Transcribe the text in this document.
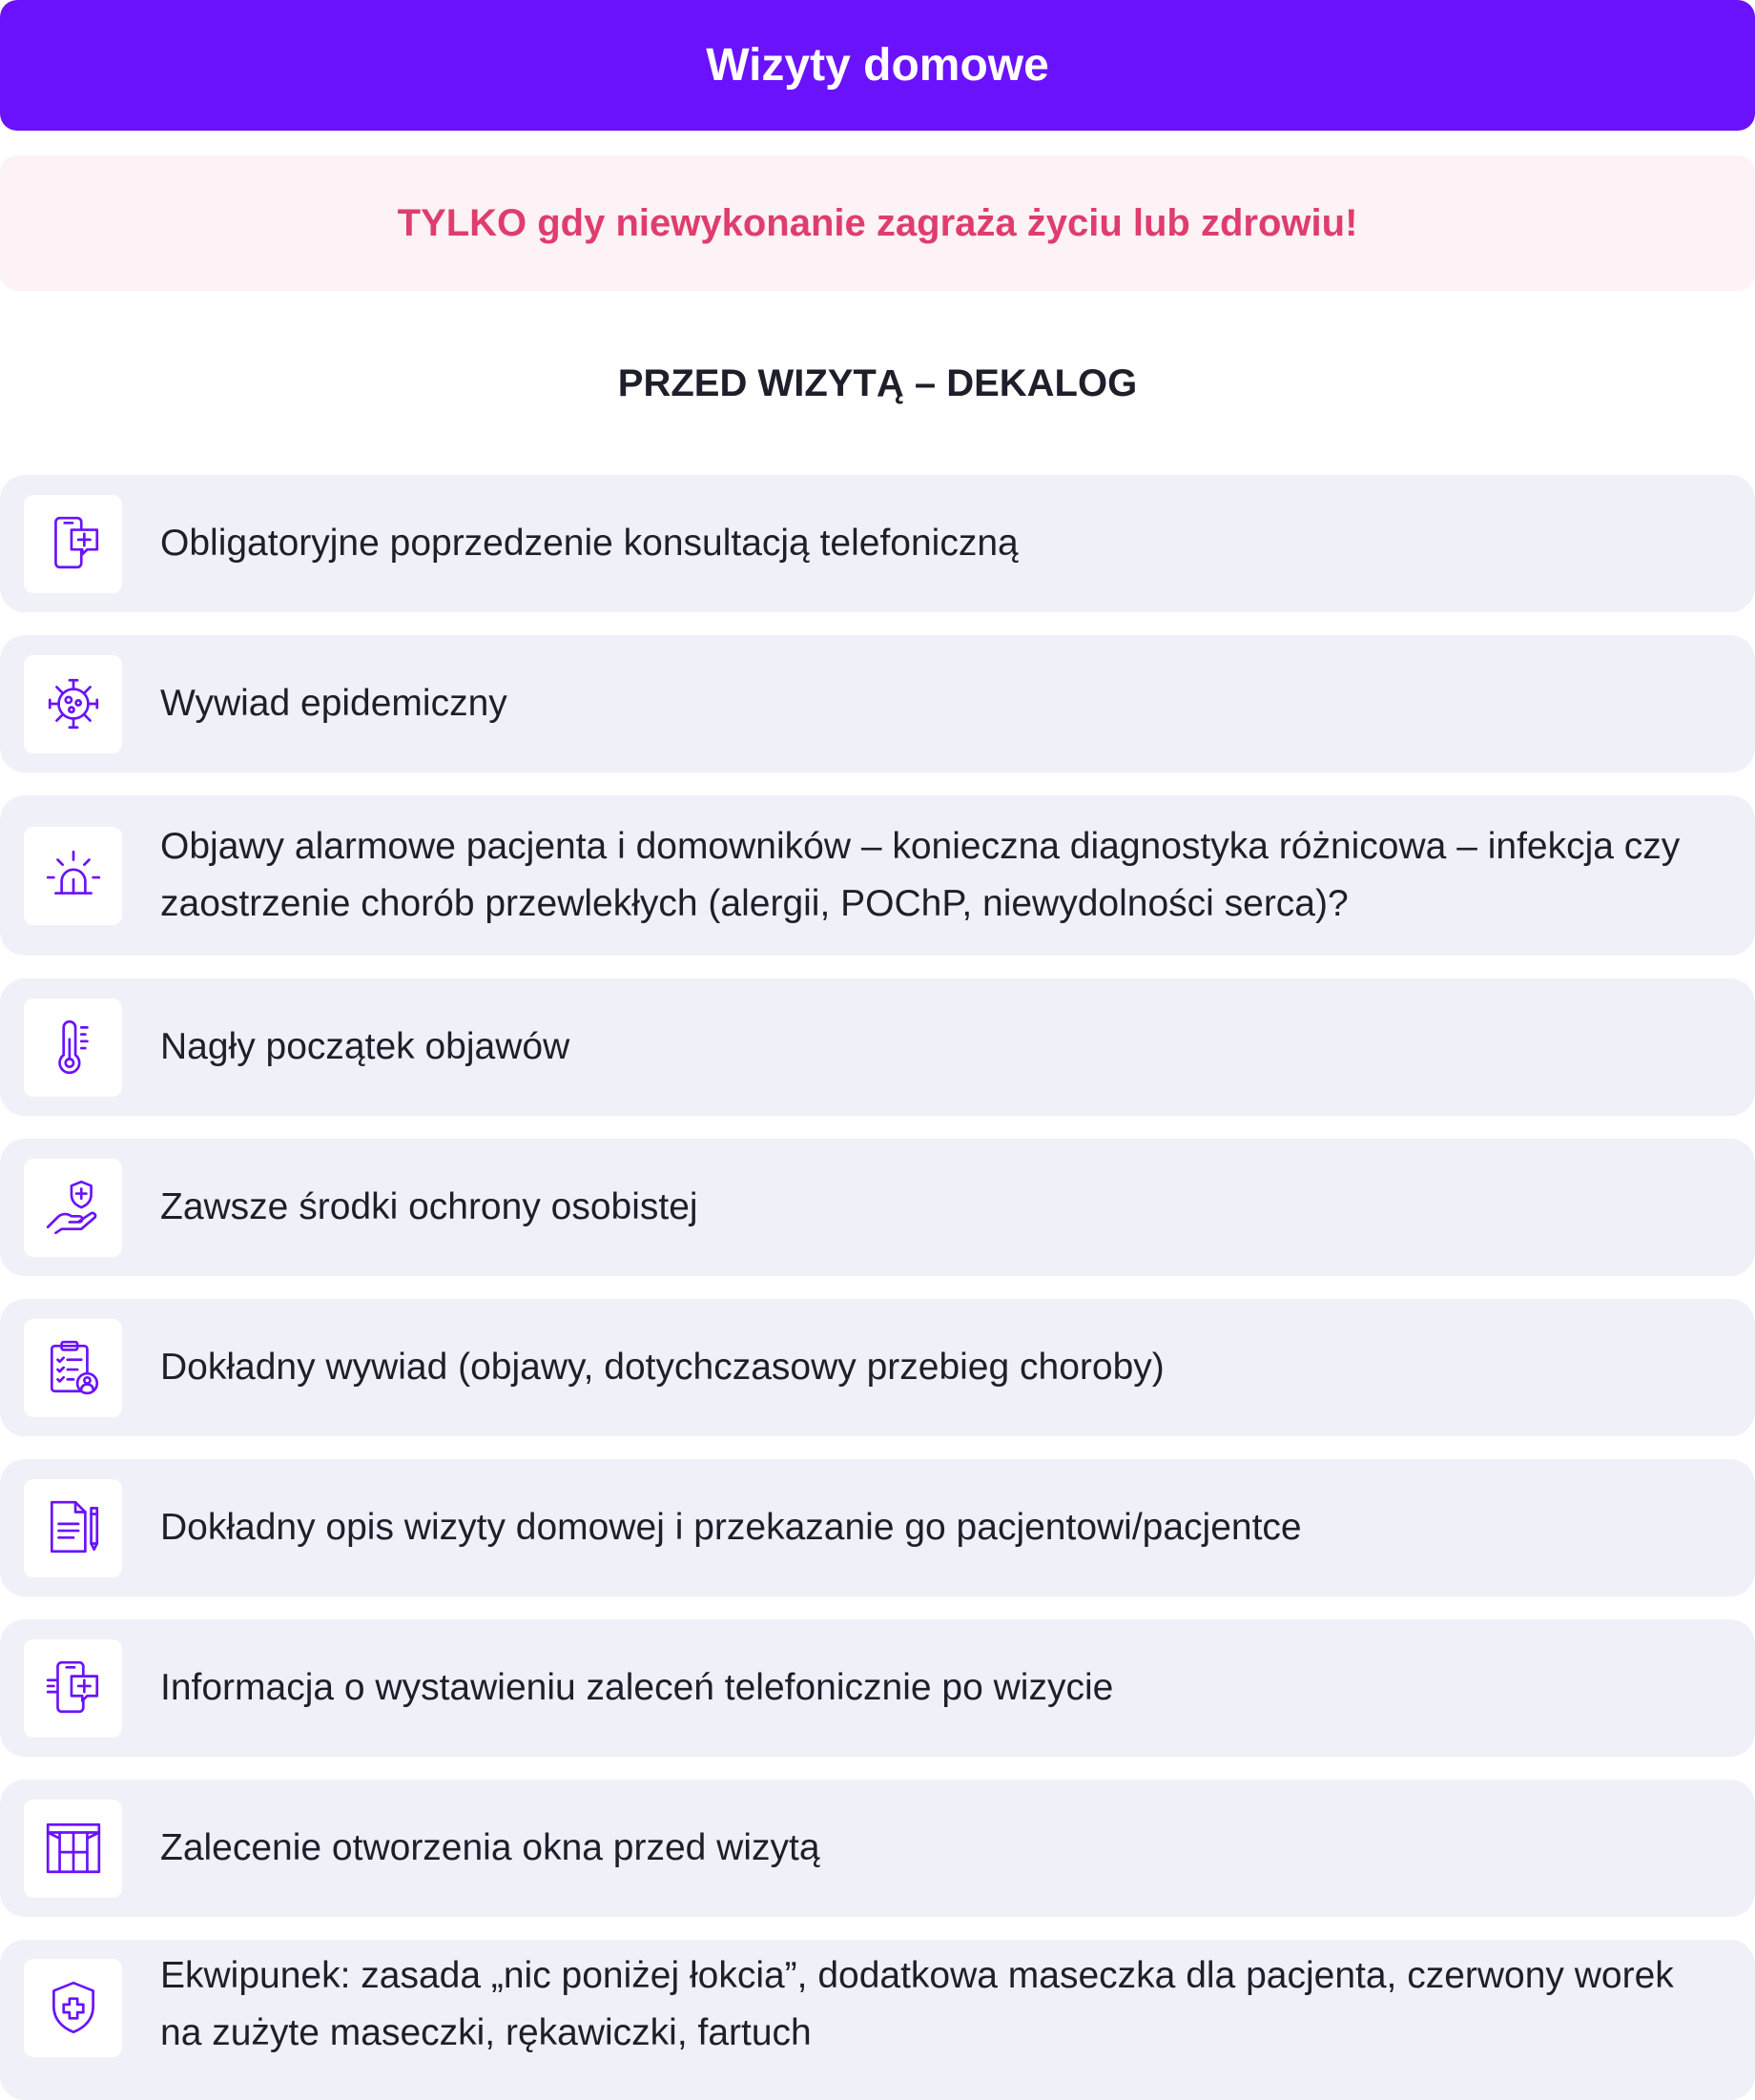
Wizyty domowe
TYLKO gdy niewykonanie zagraża życiu lub zdrowiu!
PRZED WIZYTĄ – DEKALOG
Obligatoryjne poprzedzenie konsultacją telefoniczną
Wywiad epidemiczny
Objawy alarmowe pacjenta i domowników – konieczna diagnostyka różnicowa – infekcja czy zaostrzenie chorób przewlekłych (alergii, POChP, niewydolności serca)?
Nagły początek objawów
Zawsze środki ochrony osobistej
Dokładny wywiad (objawy, dotychczasowy przebieg choroby)
Dokładny opis wizyty domowej i przekazanie go pacjentowi/pacjentce
Informacja o wystawieniu zaleceń telefonicznie po wizycie
Zalecenie otworzenia okna przed wizytą
Ekwipunek: zasada „nic poniżej łokcia”, dodatkowa maseczka dla pacjenta, czerwony worek na zużyte maseczki, rękawiczki, fartuch
